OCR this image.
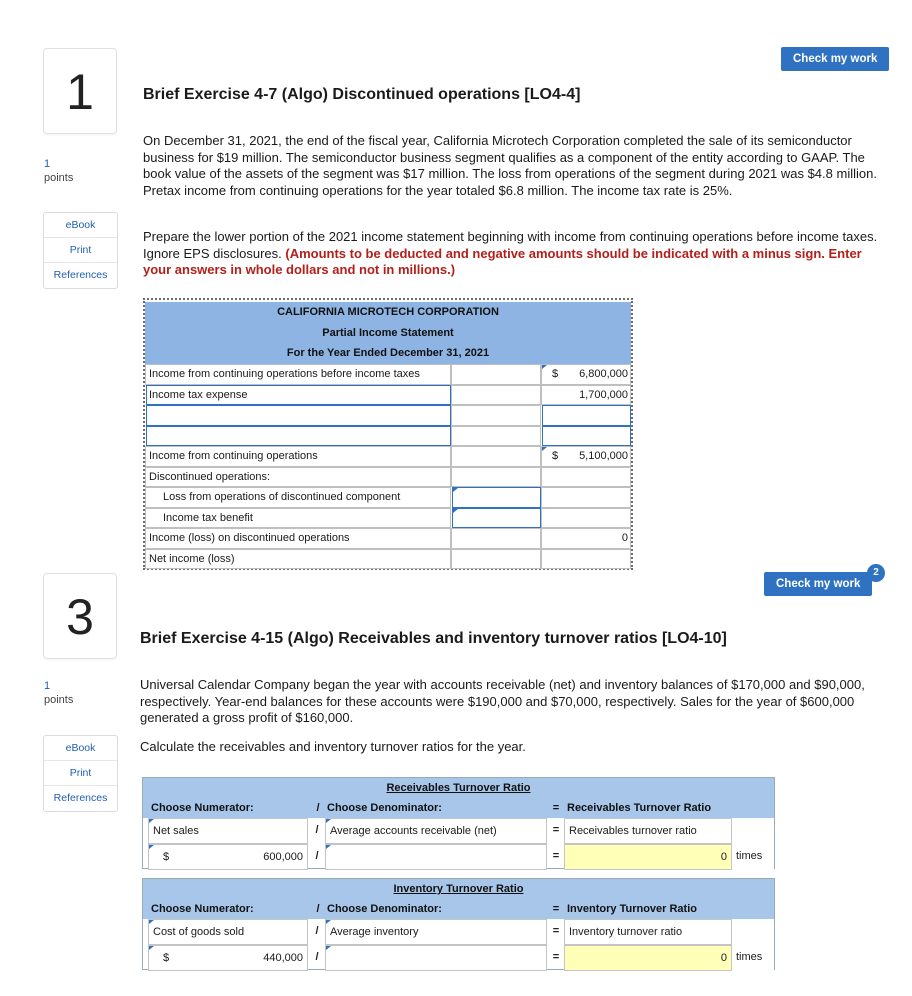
1
1
points
eBook
Print
References
Check my work
Brief Exercise 4-7 (Algo) Discontinued operations [LO4-4]
On December 31, 2021, the end of the fiscal year, California Microtech Corporation completed the sale of its semiconductor business for $19 million. The semiconductor business segment qualifies as a component of the entity according to GAAP. The book value of the assets of the segment was $17 million. The loss from operations of the segment during 2021 was $4.8 million. Pretax income from continuing operations for the year totaled $6.8 million. The income tax rate is 25%.
Prepare the lower portion of the 2021 income statement beginning with income from continuing operations before income taxes. Ignore EPS disclosures. (Amounts to be deducted and negative amounts should be indicated with a minus sign. Enter your answers in whole dollars and not in millions.)
CALIFORNIA MICROTECH CORPORATION
Partial Income Statement
For the Year Ended December 31, 2021
Income from continuing operations before income taxes	$	6,800,000
Income tax expense	1,700,000
Income from continuing operations	$	5,100,000
Discontinued operations:
Loss from operations of discontinued component
Income tax benefit
Income (loss) on discontinued operations	0
Net income (loss)
3
1
points
eBook
Print
References
Check my work
2
Brief Exercise 4-15 (Algo) Receivables and inventory turnover ratios [LO4-10]
Universal Calendar Company began the year with accounts receivable (net) and inventory balances of $170,000 and $90,000, respectively. Year-end balances for these accounts were $190,000 and $70,000, respectively. Sales for the year of $600,000 generated a gross profit of $160,000.
Calculate the receivables and inventory turnover ratios for the year.
Receivables Turnover Ratio
Choose Numerator:	/ Choose Denominator:	= Receivables Turnover Ratio
Net sales	/	Average accounts receivable (net)	= Receivables turnover ratio
$	600,000	/	=	0 times
Inventory Turnover Ratio
Choose Numerator:	/ Choose Denominator:	= Inventory Turnover Ratio
Cost of goods sold	/	Average inventory	= Inventory turnover ratio
$	440,000	/	=	0 times
